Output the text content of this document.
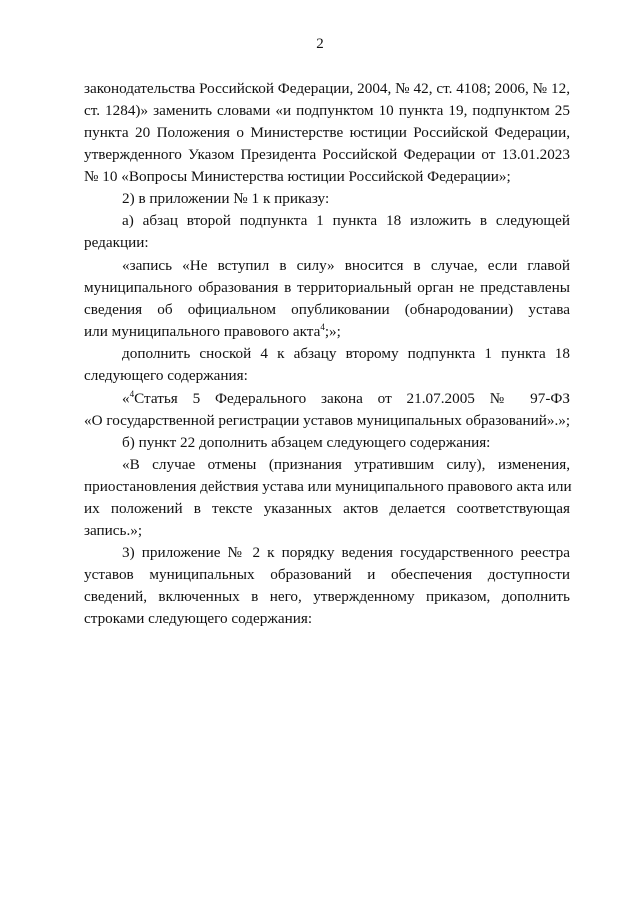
2
законодательства Российской Федерации, 2004, № 42, ст. 4108; 2006, № 12,
ст. 1284)» заменить словами «и подпунктом 10 пункта 19, подпунктом 25
пункта 20 Положения о Министерстве юстиции Российской Федерации,
утвержденного Указом Президента Российской Федерации от 13.01.2023
№ 10 «Вопросы Министерства юстиции Российской Федерации»;
2) в приложении № 1 к приказу:
а) абзац второй подпункта 1 пункта 18 изложить в следующей
редакции:
«запись «Не вступил в силу» вносится в случае, если главой
муниципального образования в территориальный орган не представлены
сведения об официальном опубликовании (обнародовании) устава
или муниципального правового акта$^4$;»;
дополнить сноской 4 к абзацу второму подпункта 1 пункта 18
следующего содержания:
«$^4$Статья 5 Федерального закона от 21.07.2005 № 97-ФЗ
«О государственной регистрации уставов муниципальных образований».»;
б) пункт 22 дополнить абзацем следующего содержания:
«В случае отмены (признания утратившим силу), изменения,
приостановления действия устава или муниципального правового акта или
их положений в тексте указанных актов делается соответствующая
запись.»;
3) приложение № 2 к порядку ведения государственного реестра
уставов муниципальных образований и обеспечения доступности
сведений, включенных в него, утвержденному приказом, дополнить
строками следующего содержания:
